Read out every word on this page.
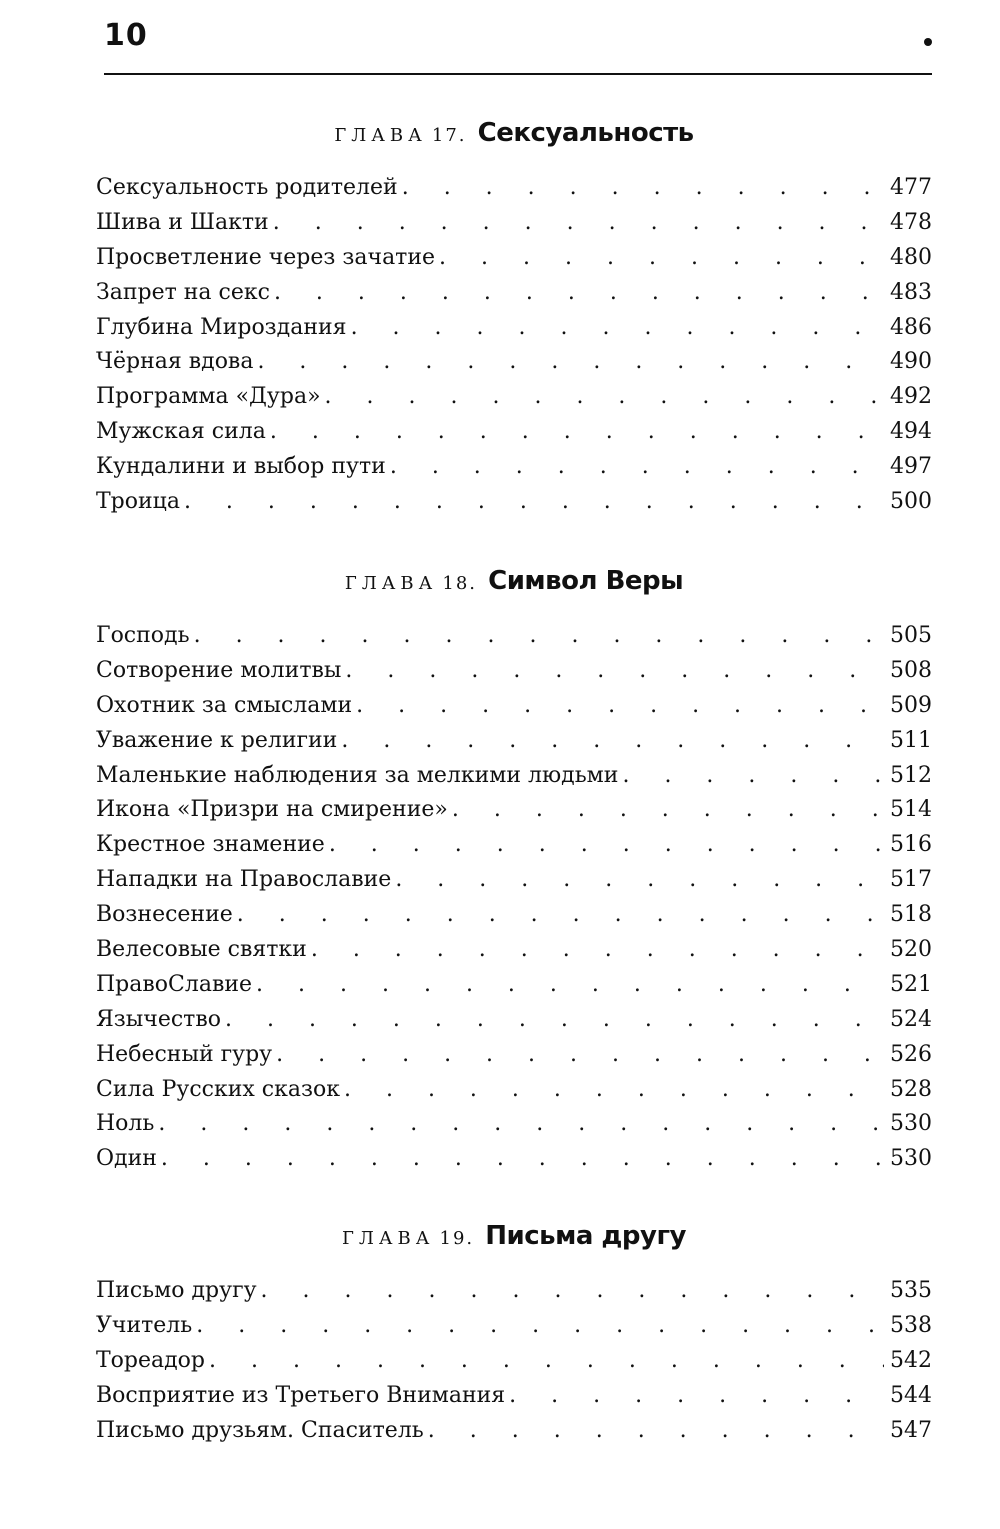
10
ГЛАВА 17. Сексуальность
Сексуальность родителей . . .	477
Шива и Шакти . . .	478
Просветление через зачатие . . .	480
Запрет на секс . . .	483
Глубина Мироздания . . .	486
Чёрная вдова . . .	490
Программа «Дура» . . .	492
Мужская сила . . .	494
Кундалини и выбор пути . . .	497
Троица . . .	500
ГЛАВА 18. Символ Веры
Господь . . .	505
Сотворение молитвы . . .	508
Охотник за смыслами . . .	509
Уважение к религии . . .	511
Маленькие наблюдения за мелкими людьми . . .	512
Икона «Призри на смирение» . . .	514
Крестное знамение . . .	516
Нападки на Православие . . .	517
Вознесение . . .	518
Велесовые святки . . .	520
ПравоСлавие . . .	521
Язычество . . .	524
Небесный гуру . . .	526
Сила Русских сказок . . .	528
Ноль . . .	530
Один . . .	530
ГЛАВА 19. Письма другу
Письмо другу . . .	535
Учитель . . .	538
Тореадор . . .	542
Восприятие из Третьего Внимания . . .	544
Письмо друзьям. Спаситель . . .	547
